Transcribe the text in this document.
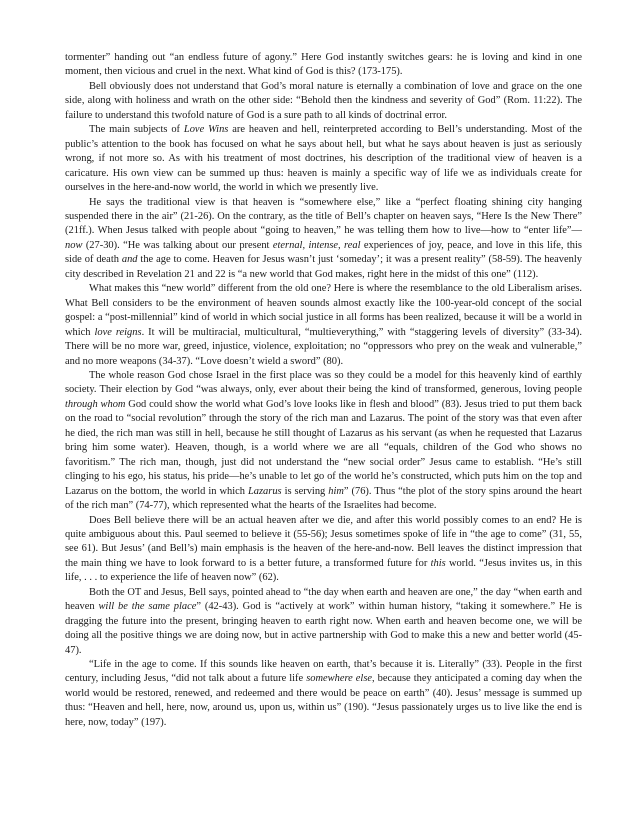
tormenter” handing out “an endless future of agony.” Here God instantly switches gears: he is loving and kind in one moment, then vicious and cruel in the next. What kind of God is this? (173-175).

Bell obviously does not understand that God’s moral nature is eternally a combination of love and grace on the one side, along with holiness and wrath on the other side: “Behold then the kindness and severity of God” (Rom. 11:22). The failure to understand this twofold nature of God is a sure path to all kinds of doctrinal error.

The main subjects of Love Wins are heaven and hell, reinterpreted according to Bell’s understanding. Most of the public’s attention to the book has focused on what he says about hell, but what he says about heaven is just as seriously wrong, if not more so. As with his treatment of most doctrines, his description of the traditional view of heaven is a caricature. His own view can be summed up thus: heaven is mainly a specific way of life we as individuals create for ourselves in the here-and-now world, the world in which we presently live.

He says the traditional view is that heaven is “somewhere else,” like a “perfect floating shining city hanging suspended there in the air” (21-26). On the contrary, as the title of Bell’s chapter on heaven says, “Here Is the New There” (21ff.). When Jesus talked with people about “going to heaven,” he was telling them how to live—how to “enter life”—now (27-30). “He was talking about our present eternal, intense, real experiences of joy, peace, and love in this life, this side of death and the age to come. Heaven for Jesus wasn’t just ‘someday’; it was a present reality” (58-59). The heavenly city described in Revelation 21 and 22 is “a new world that God makes, right here in the midst of this one” (112).

What makes this “new world” different from the old one? Here is where the resemblance to the old Liberalism arises. What Bell considers to be the environment of heaven sounds almost exactly like the 100-year-old concept of the social gospel: a “post-millennial” kind of world in which social justice in all forms has been realized, because it will be a world in which love reigns. It will be multiracial, multicultural, “multieverything,” with “staggering levels of diversity” (33-34). There will be no more war, greed, injustice, violence, exploitation; no “oppressors who prey on the weak and vulnerable,” and no more weapons (34-37). “Love doesn’t wield a sword” (80).

The whole reason God chose Israel in the first place was so they could be a model for this heavenly kind of earthly society. Their election by God “was always, only, ever about their being the kind of transformed, generous, loving people through whom God could show the world what God’s love looks like in flesh and blood” (83). Jesus tried to put them back on the road to “social revolution” through the story of the rich man and Lazarus. The point of the story was that even after he died, the rich man was still in hell, because he still thought of Lazarus as his servant (as when he requested that Lazarus bring him some water). Heaven, though, is a world where we are all “equals, children of the God who shows no favoritism.” The rich man, though, just did not understand the “new social order” Jesus came to establish. “He’s still clinging to his ego, his status, his pride—he’s unable to let go of the world he’s constructed, which puts him on the top and Lazarus on the bottom, the world in which Lazarus is serving him” (76). Thus “the plot of the story spins around the heart of the rich man” (74-77), which represented what the hearts of the Israelites had become.

Does Bell believe there will be an actual heaven after we die, and after this world possibly comes to an end? He is quite ambiguous about this. Paul seemed to believe it (55-56); Jesus sometimes spoke of life in “the age to come” (31, 55, see 61). But Jesus’ (and Bell’s) main emphasis is the heaven of the here-and-now. Bell leaves the distinct impression that the main thing we have to look forward to is a better future, a transformed future for this world. “Jesus invites us, in this life, . . . to experience the life of heaven now” (62).

Both the OT and Jesus, Bell says, pointed ahead to “the day when earth and heaven are one,” the day “when earth and heaven will be the same place” (42-43). God is “actively at work” within human history, “taking it somewhere.” He is dragging the future into the present, bringing heaven to earth right now. When earth and heaven become one, we will be doing all the positive things we are doing now, but in active partnership with God to make this a new and better world (45-47).

“Life in the age to come. If this sounds like heaven on earth, that’s because it is. Literally” (33). People in the first century, including Jesus, “did not talk about a future life somewhere else, because they anticipated a coming day when the world would be restored, renewed, and redeemed and there would be peace on earth” (40). Jesus’ message is summed up thus: “Heaven and hell, here, now, around us, upon us, within us” (190). “Jesus passionately urges us to live like the end is here, now, today” (197).
